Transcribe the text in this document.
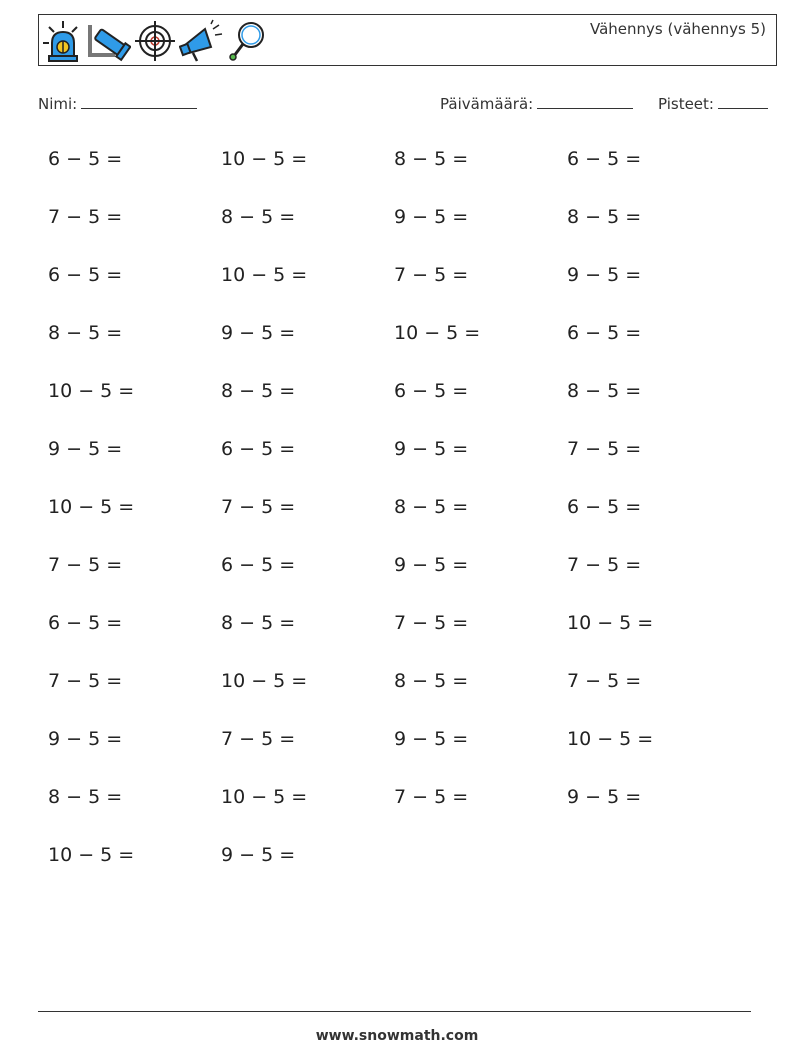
Vähennys (vähennys 5)
Nimi:	Päivämäärä:	Pisteet:
6 − 5 =	10 − 5 =	8 − 5 =	6 − 5 =
7 − 5 =	8 − 5 =	9 − 5 =	8 − 5 =
6 − 5 =	10 − 5 =	7 − 5 =	9 − 5 =
8 − 5 =	9 − 5 =	10 − 5 =	6 − 5 =
10 − 5 =	8 − 5 =	6 − 5 =	8 − 5 =
9 − 5 =	6 − 5 =	9 − 5 =	7 − 5 =
10 − 5 =	7 − 5 =	8 − 5 =	6 − 5 =
7 − 5 =	6 − 5 =	9 − 5 =	7 − 5 =
6 − 5 =	8 − 5 =	7 − 5 =	10 − 5 =
7 − 5 =	10 − 5 =	8 − 5 =	7 − 5 =
9 − 5 =	7 − 5 =	9 − 5 =	10 − 5 =
8 − 5 =	10 − 5 =	7 − 5 =	9 − 5 =
10 − 5 =	9 − 5 =
www.snowmath.com
